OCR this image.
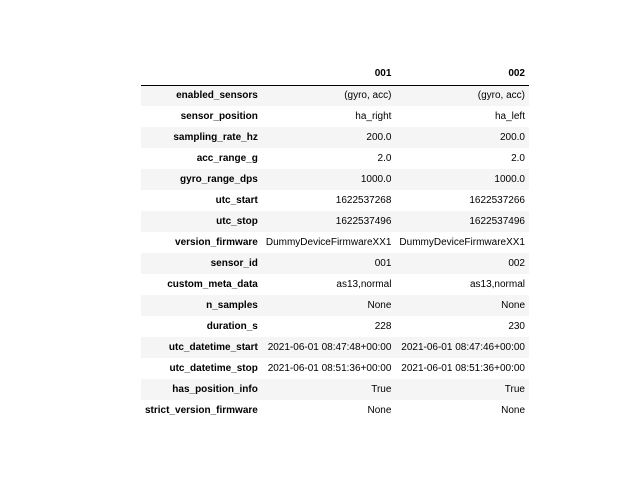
	001	002
enabled_sensors	(gyro, acc)	(gyro, acc)
sensor_position	ha_right	ha_left
sampling_rate_hz	200.0	200.0
acc_range_g	2.0	2.0
gyro_range_dps	1000.0	1000.0
utc_start	1622537268	1622537266
utc_stop	1622537496	1622537496
version_firmware	DummyDeviceFirmwareXX1	DummyDeviceFirmwareXX1
sensor_id	001	002
custom_meta_data	as13,normal	as13,normal
n_samples	None	None
duration_s	228	230
utc_datetime_start	2021-06-01 08:47:48+00:00	2021-06-01 08:47:46+00:00
utc_datetime_stop	2021-06-01 08:51:36+00:00	2021-06-01 08:51:36+00:00
has_position_info	True	True
strict_version_firmware	None	None
